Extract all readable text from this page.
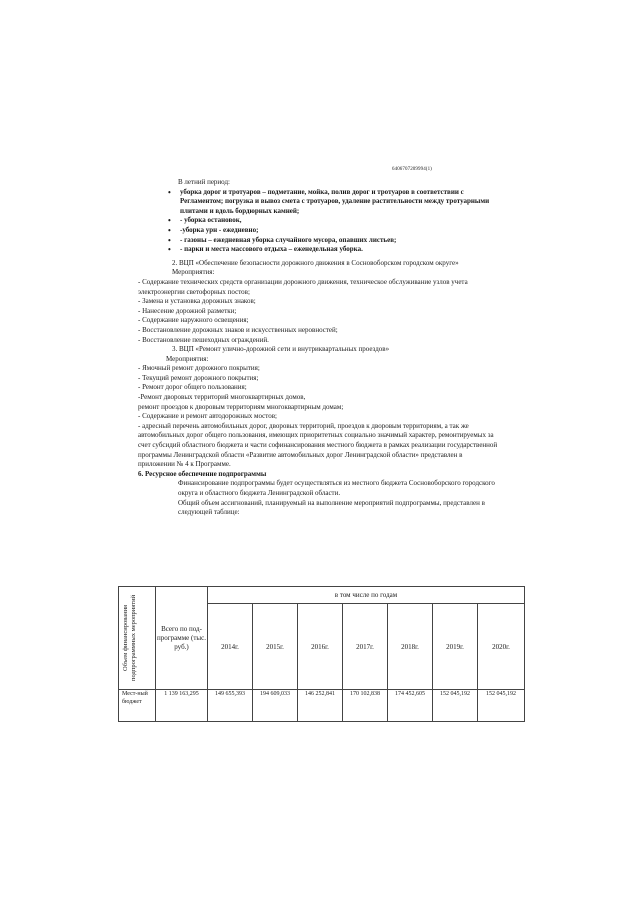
6406707209994(1)

В летний период:

• уборка дорог и тротуаров – подметание, мойка, полив дорог и тротуаров в соответствии с Регламентом; погрузка и вывоз смета с тротуаров, удаление растительности между тротуарными плитами и вдоль бордюрных камней;
• - уборка остановок,
• -уборка урн - ежедневно;
• - газоны – ежедневная уборка случайного мусора, опавших листьев;
• - парки и места массового отдыха – еженедельная уборка.

2. ВЦП «Обеспечение безопасности дорожного движения в Сосновоборском городском округе»

Мероприятия:

- Содержание технических средств организации дорожного движения, техническое обслуживание узлов учета электроэнергии светофорных постов;

- Замена и установка дорожных знаков;

- Нанесение дорожной разметки;

- Содержание наружного освещения;

- Восстановление дорожных знаков и искусственных неровностей;

- Восстановление пешеходных ограждений.

3. ВЦП «Ремонт улично-дорожной сети и внутриквартальных проездов»

Мероприятия:

- Ямочный ремонт дорожного покрытия;

- Текущий ремонт дорожного покрытия;

- Ремонт дорог общего пользования;

-Ремонт дворовых территорий многоквартирных домов,

ремонт проездов к дворовым территориям многоквартирным домам;

- Содержание и ремонт автодорожных мостов;

- адресный перечень автомобильных дорог, дворовых территорий, проездов к дворовым территориям, а так же автомобильных дорог общего пользования, имеющих приоритетных социально значимый характер, ремонтируемых за счет субсидий областного бюджета и части софинансирования местного бюджета в рамках реализации государственной программы Ленинградской области «Развитие автомобильных дорог Ленинградской области» представлен в приложении № 4 к Программе.

6. Ресурсное обеспечение подпрограммы

Финансирование подпрограммы будет осуществляться из местного бюджета Сосновоборского городского округа и областного бюджета Ленинградской области.

Общий объем ассигнований, планируемый на выполнение мероприятий подпрограммы, представлен в следующей таблице:

Объем финансирования подпрограммных мероприятий	Всего по под-программе (тыс. руб.)	в том числе по годам						
		2014г.	2015г.	2016г.	2017г.	2018г.	2019г.	2020г.
Мест-ный бюджет	1 139 163,295	149 655,393	194 609,033	146 252,841	170 102,838	174 452,605	152 045,192	152 045,192
